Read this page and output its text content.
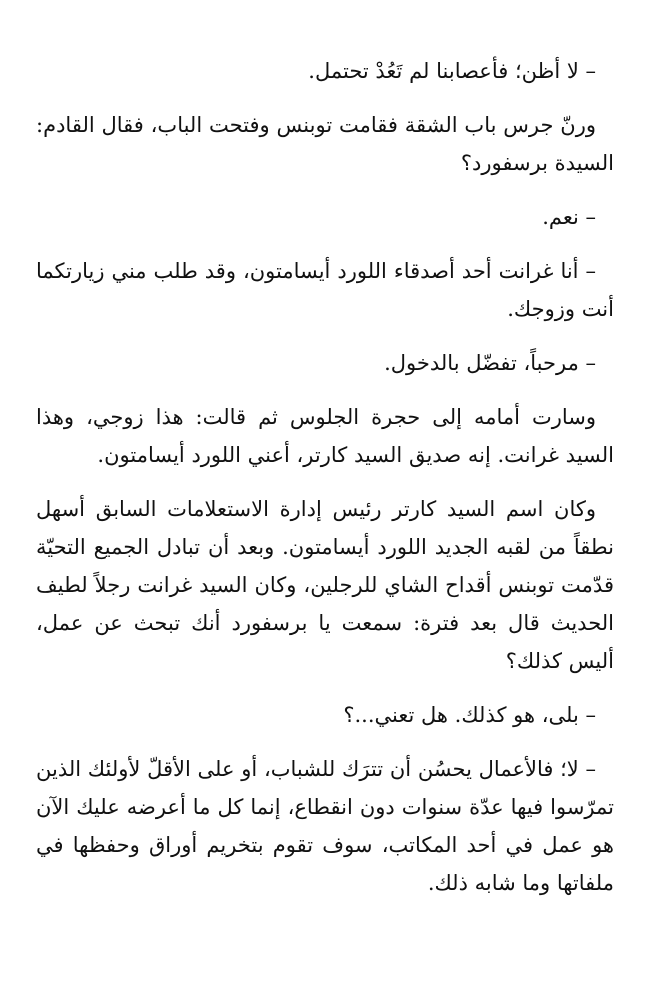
– لا أظن؛ فأعصابنا لم تَعُدْ تحتمل.

ورنّ جرس باب الشقة فقامت توبنس وفتحت الباب، فقال القادم: السيدة برسفورد؟

– نعم.

– أنا غرانت أحد أصدقاء اللورد أيسامتون، وقد طلب مني زيارتكما أنت وزوجك.

– مرحباً، تفضّل بالدخول.

وسارت أمامه إلى حجرة الجلوس ثم قالت: هذا زوجي، وهذا السيد غرانت. إنه صديق السيد كارتر، أعني اللورد أيسامتون.

وكان اسم السيد كارتر رئيس إدارة الاستعلامات السابق أسهل نطقاً من لقبه الجديد اللورد أيسامتون. وبعد أن تبادل الجميع التحيّة قدّمت توبنس أقداح الشاي للرجلين، وكان السيد غرانت رجلاً لطيف الحديث قال بعد فترة: سمعت يا برسفورد أنك تبحث عن عمل، أليس كذلك؟

– بلى، هو كذلك. هل تعني...؟

– لا؛ فالأعمال يحسُن أن تترَك للشباب، أو على الأقلّ لأولئك الذين تمرّسوا فيها عدّة سنوات دون انقطاع، إنما كل ما أعرضه عليك الآن هو عمل في أحد المكاتب، سوف تقوم بتخريم أوراق وحفظها في ملفاتها وما شابه ذلك.
